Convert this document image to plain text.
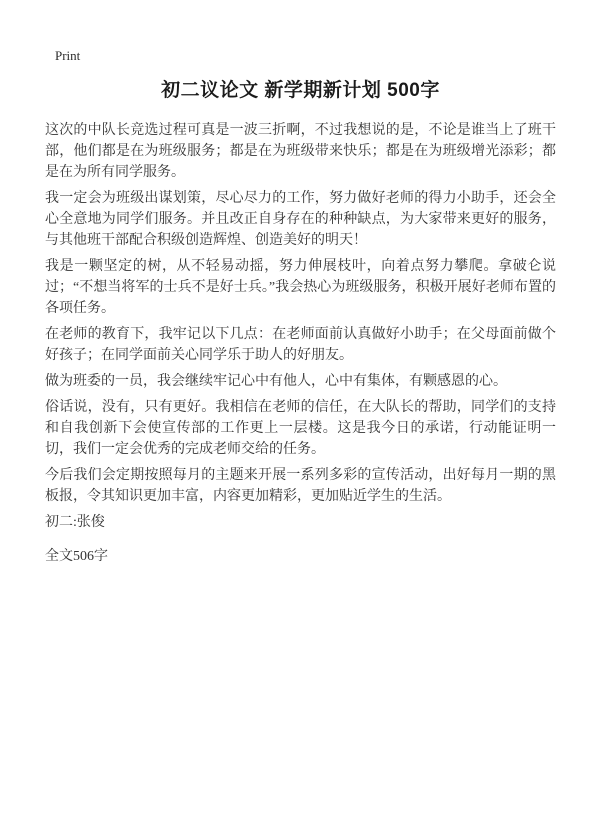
Print
初二议论文 新学期新计划 500字

这次的中队长竞选过程可真是一波三折啊，不过我想说的是，不论是谁当上了班干部，他们都是在为班级服务；都是在为班级带来快乐；都是在为班级增光添彩；都是在为所有同学服务。

我一定会为班级出谋划策，尽心尽力的工作，努力做好老师的得力小助手，还会全心全意地为同学们服务。并且改正自身存在的种种缺点，为大家带来更好的服务，与其他班干部配合积级创造辉煌、创造美好的明天！

我是一颗坚定的树，从不轻易动摇，努力伸展枝叶，向着点努力攀爬。拿破仑说过；“不想当将军的士兵不是好士兵。”我会热心为班级服务，积极开展好老师布置的各项任务。

在老师的教育下，我牢记以下几点：在老师面前认真做好小助手；在父母面前做个好孩子；在同学面前关心同学乐于助人的好朋友。

做为班委的一员，我会继续牢记心中有他人，心中有集体，有颗感恩的心。

俗话说，没有，只有更好。我相信在老师的信任，在大队长的帮助，同学们的支持和自我创新下会使宣传部的工作更上一层楼。这是我今日的承诺，行动能证明一切，我们一定会优秀的完成老师交给的任务。

今后我们会定期按照每月的主题来开展一系列多彩的宣传活动，出好每月一期的黑板报，令其知识更加丰富，内容更加精彩，更加贴近学生的生活。

初二:张俊

全文506字
